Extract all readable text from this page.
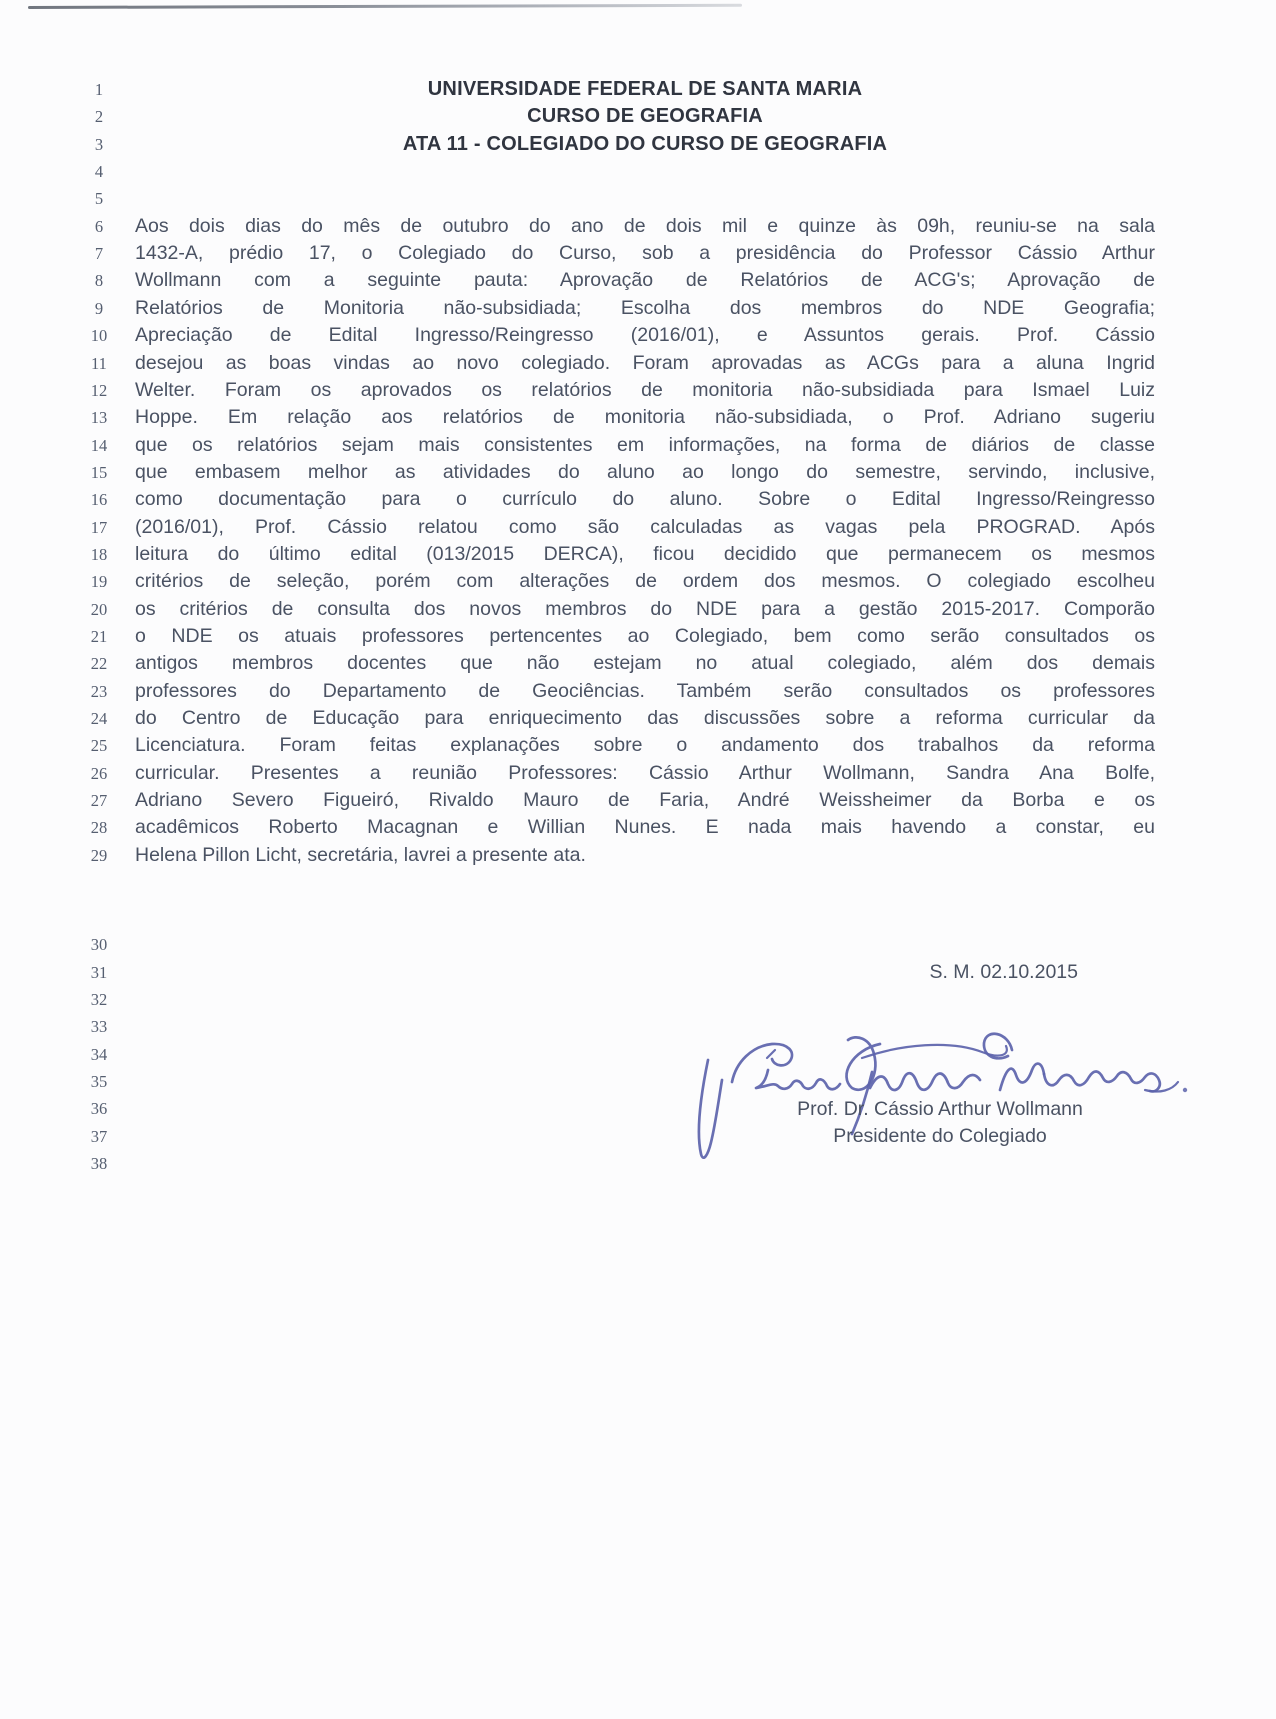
1	UNIVERSIDADE FEDERAL DE SANTA MARIA
2	CURSO DE GEOGRAFIA
3	ATA 11 - COLEGIADO DO CURSO DE GEOGRAFIA
4
5
6	Aos dois dias do mês de outubro do ano de dois mil e quinze às 09h, reuniu-se na sala
7	1432-A, prédio 17, o Colegiado do Curso, sob a presidência do Professor Cássio Arthur
8	Wollmann com a seguinte pauta: Aprovação de Relatórios de ACG's; Aprovação de
9	Relatórios de Monitoria não-subsidiada; Escolha dos membros do NDE Geografia;
10	Apreciação de Edital Ingresso/Reingresso (2016/01), e Assuntos gerais. Prof. Cássio
11	desejou as boas vindas ao novo colegiado. Foram aprovadas as ACGs para a aluna Ingrid
12	Welter. Foram os aprovados os relatórios de monitoria não-subsidiada para Ismael Luiz
13	Hoppe. Em relação aos relatórios de monitoria não-subsidiada, o Prof. Adriano sugeriu
14	que os relatórios sejam mais consistentes em informações, na forma de diários de classe
15	que embasem melhor as atividades do aluno ao longo do semestre, servindo, inclusive,
16	como documentação para o currículo do aluno. Sobre o Edital Ingresso/Reingresso
17	(2016/01), Prof. Cássio relatou como são calculadas as vagas pela PROGRAD. Após
18	leitura do último edital (013/2015 DERCA), ficou decidido que permanecem os mesmos
19	critérios de seleção, porém com alterações de ordem dos mesmos. O colegiado escolheu
20	os critérios de consulta dos novos membros do NDE para a gestão 2015-2017. Comporão
21	o NDE os atuais professores pertencentes ao Colegiado, bem como serão consultados os
22	antigos membros docentes que não estejam no atual colegiado, além dos demais
23	professores do Departamento de Geociências. Também serão consultados os professores
24	do Centro de Educação para enriquecimento das discussões sobre a reforma curricular da
25	Licenciatura. Foram feitas explanações sobre o andamento dos trabalhos da reforma
26	curricular. Presentes a reunião Professores: Cássio Arthur Wollmann, Sandra Ana Bolfe,
27	Adriano Severo Figueiró, Rivaldo Mauro de Faria, André Weissheimer da Borba e os
28	acadêmicos Roberto Macagnan e Willian Nunes. E nada mais havendo a constar, eu
29	Helena Pillon Licht, secretária, lavrei a presente ata.
30
31	S. M. 02.10.2015
32
33
34
35
36
37
38
Prof. Dr. Cássio Arthur Wollmann
Presidente do Colegiado
